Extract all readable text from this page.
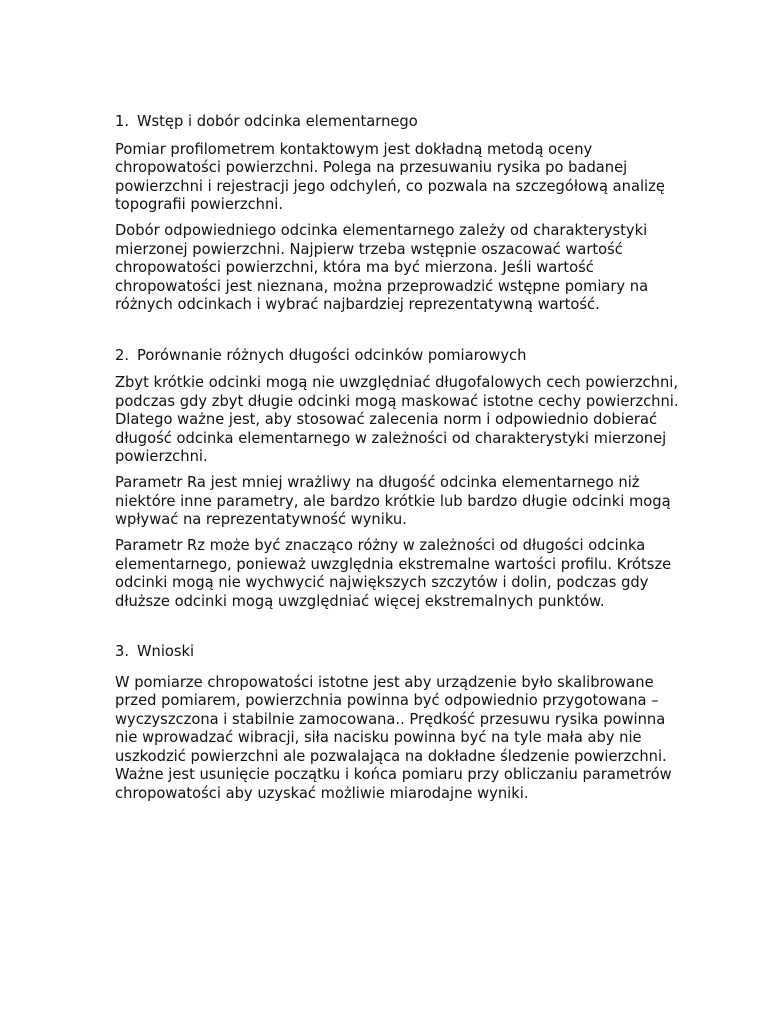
1. Wstęp i dobór odcinka elementarnego

Pomiar profilometrem kontaktowym jest dokładną metodą oceny chropowatości powierzchni. Polega na przesuwaniu rysika po badanej powierzchni i rejestracji jego odchyleń, co pozwala na szczegółową analizę topografii powierzchni.

Dobór odpowiedniego odcinka elementarnego zależy od charakterystyki mierzonej powierzchni. Najpierw trzeba wstępnie oszacować wartość chropowatości powierzchni, która ma być mierzona. Jeśli wartość chropowatości jest nieznana, można przeprowadzić wstępne pomiary na różnych odcinkach i wybrać najbardziej reprezentatywną wartość.

2. Porównanie różnych długości odcinków pomiarowych

Zbyt krótkie odcinki mogą nie uwzględniać długofalowych cech powierzchni, podczas gdy zbyt długie odcinki mogą maskować istotne cechy powierzchni. Dlatego ważne jest, aby stosować zalecenia norm i odpowiednio dobierać długość odcinka elementarnego w zależności od charakterystyki mierzonej powierzchni.

Parametr Ra jest mniej wrażliwy na długość odcinka elementarnego niż niektóre inne parametry, ale bardzo krótkie lub bardzo długie odcinki mogą wpływać na reprezentatywność wyniku.

Parametr Rz może być znacząco różny w zależności od długości odcinka elementarnego, ponieważ uwzględnia ekstremalne wartości profilu. Krótsze odcinki mogą nie wychwycić największych szczytów i dolin, podczas gdy dłuższe odcinki mogą uwzględniać więcej ekstremalnych punktów.

3. Wnioski

W pomiarze chropowatości istotne jest aby urządzenie było skalibrowane przed pomiarem, powierzchnia powinna być odpowiednio przygotowana – wyczyszczona i stabilnie zamocowana.. Prędkość przesuwu rysika powinna nie wprowadzać wibracji, siła nacisku powinna być na tyle mała aby nie uszkodzić powierzchni ale pozwalająca na dokładne śledzenie powierzchni. Ważne jest usunięcie początku i końca pomiaru przy obliczaniu parametrów chropowatości aby uzyskać możliwie miarodajne wyniki.
